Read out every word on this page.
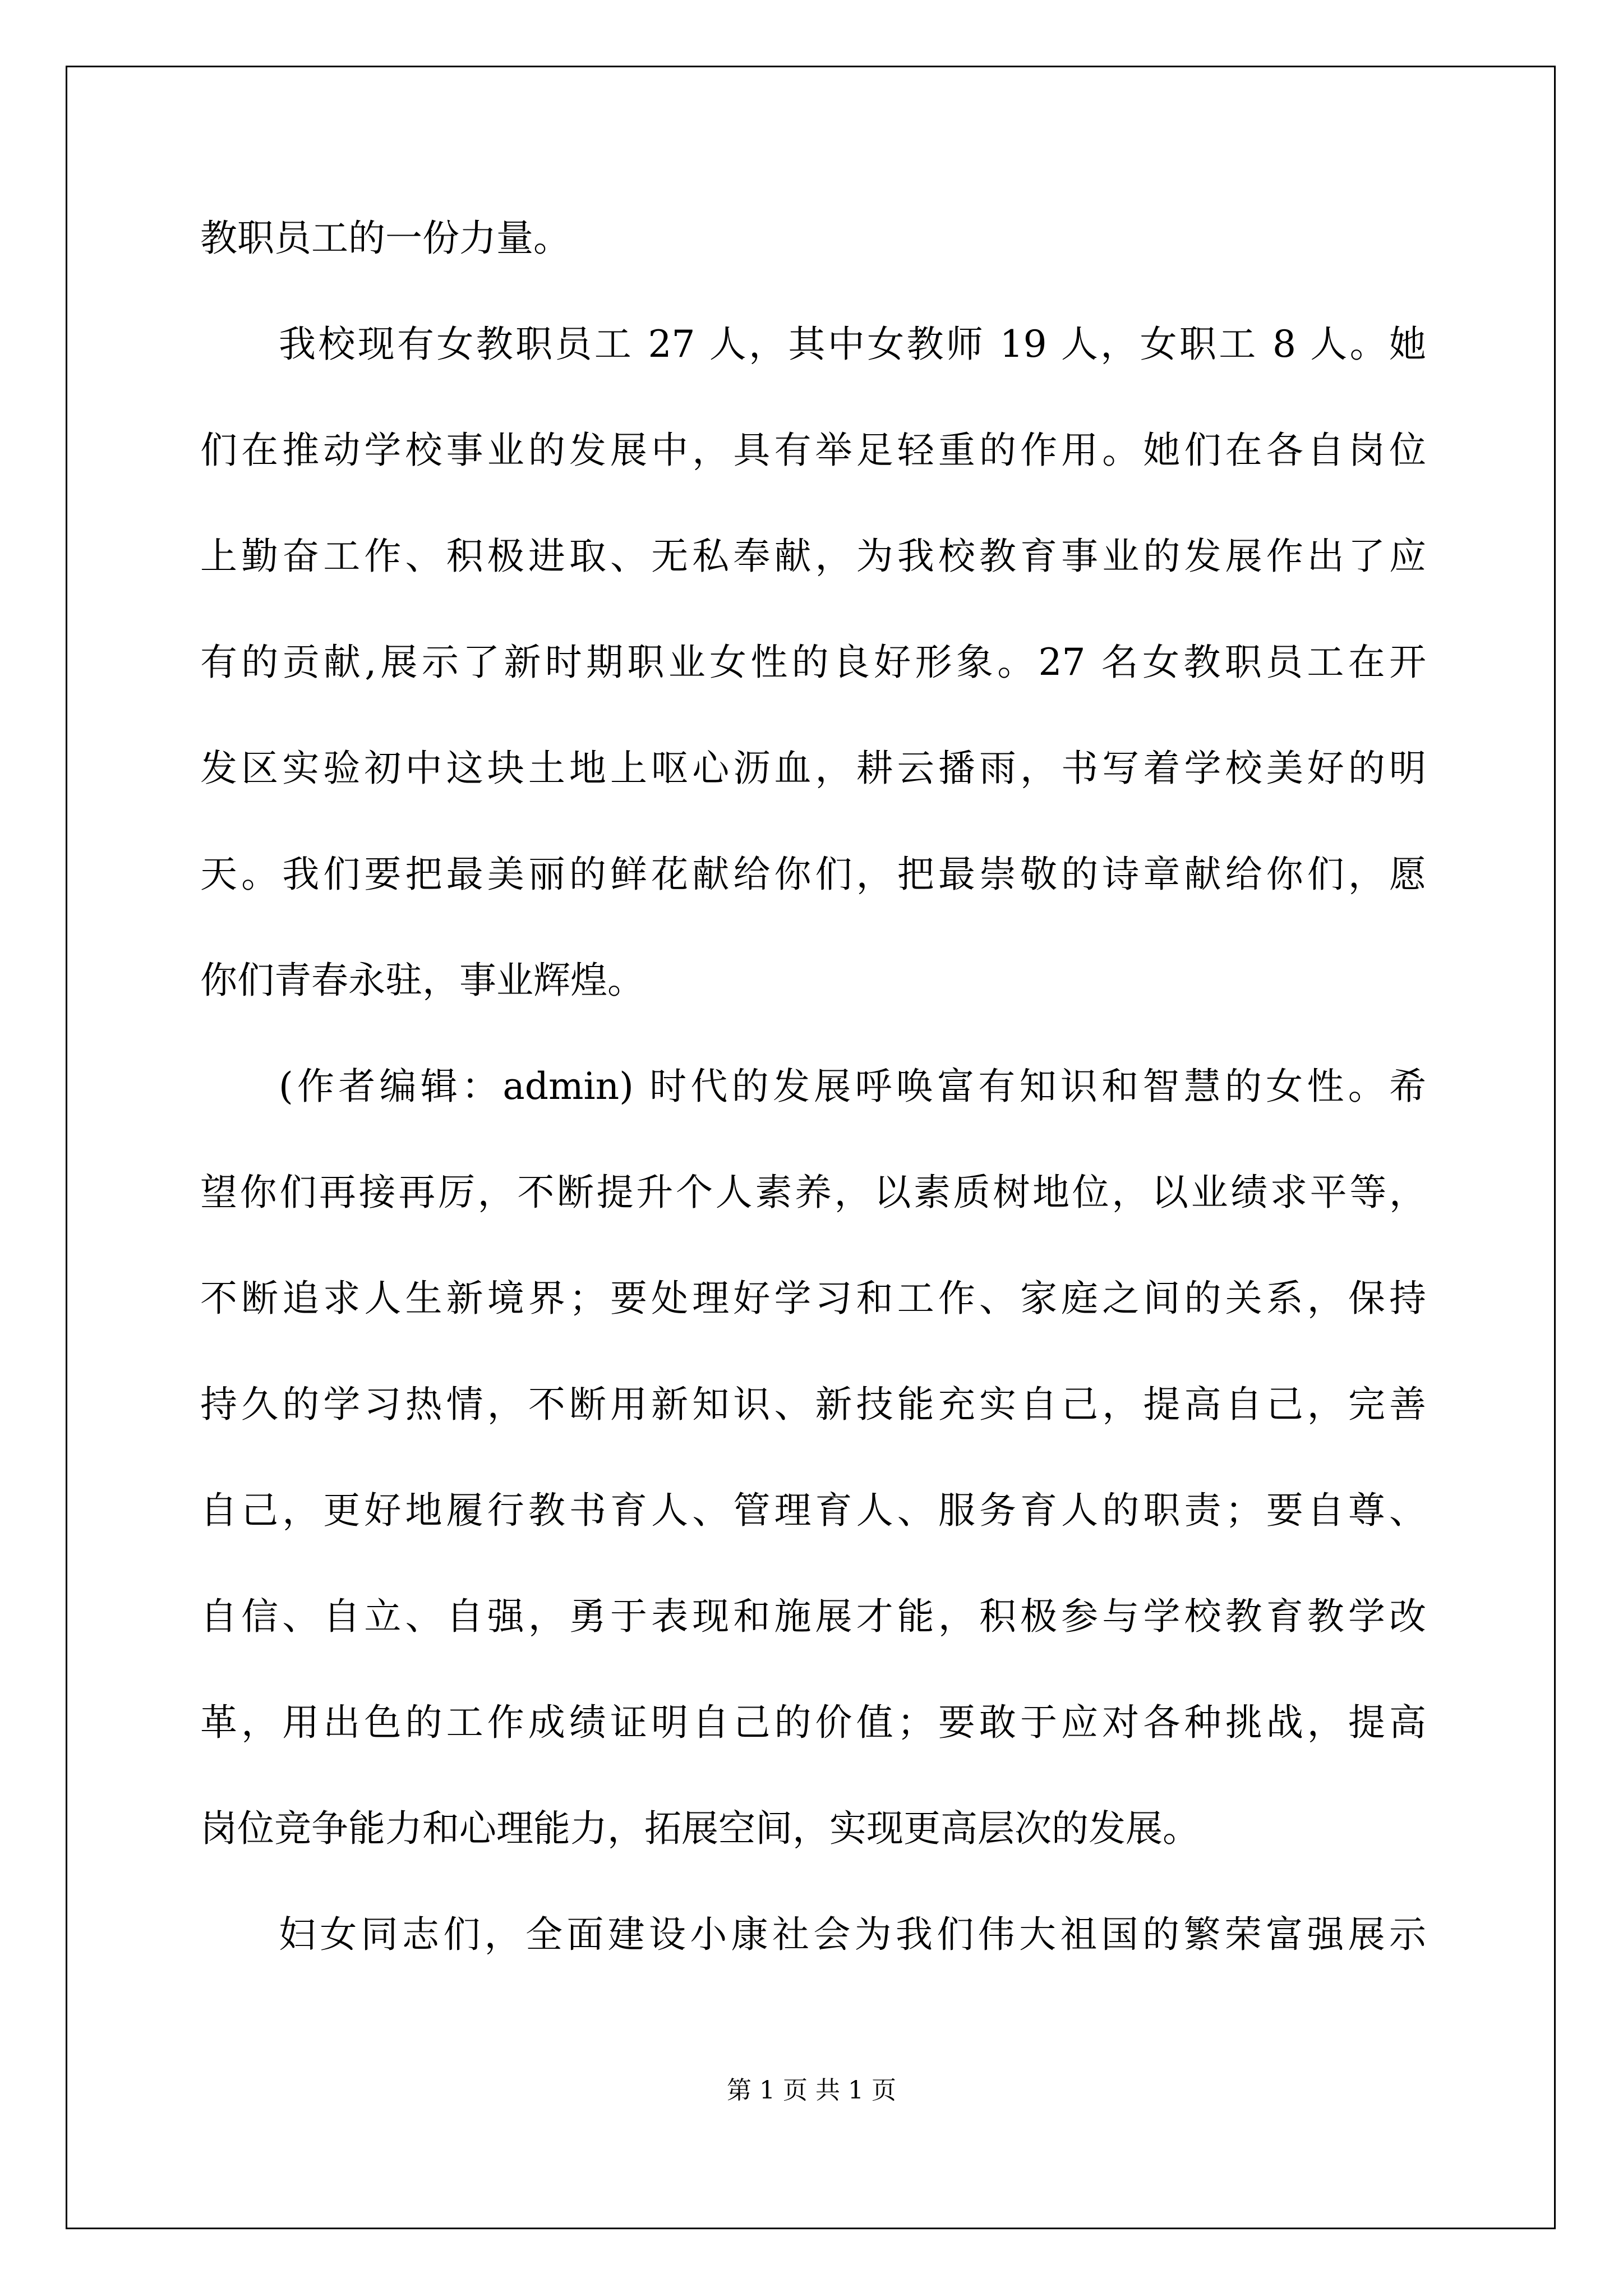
教职员工的一份力量。
我校现有女教职员工 27 人，其中女教师 19 人，女职工 8 人。她
们在推动学校事业的发展中，具有举足轻重的作用。她们在各自岗位
上勤奋工作、积极进取、无私奉献，为我校教育事业的发展作出了应
有的贡献,展示了新时期职业女性的良好形象。27 名女教职员工在开
发区实验初中这块土地上呕心沥血，耕云播雨，书写着学校美好的明
天。我们要把最美丽的鲜花献给你们，把最崇敬的诗章献给你们，愿
你们青春永驻，事业辉煌。
(作者编辑：admin) 时代的发展呼唤富有知识和智慧的女性。希
望你们再接再厉，不断提升个人素养，以素质树地位，以业绩求平等，
不断追求人生新境界；要处理好学习和工作、家庭之间的关系，保持
持久的学习热情，不断用新知识、新技能充实自己，提高自己，完善
自己，更好地履行教书育人、管理育人、服务育人的职责；要自尊、
自信、自立、自强，勇于表现和施展才能，积极参与学校教育教学改
革，用出色的工作成绩证明自己的价值；要敢于应对各种挑战，提高
岗位竞争能力和心理能力，拓展空间，实现更高层次的发展。
妇女同志们，全面建设小康社会为我们伟大祖国的繁荣富强展示
第 1 页 共 1 页
